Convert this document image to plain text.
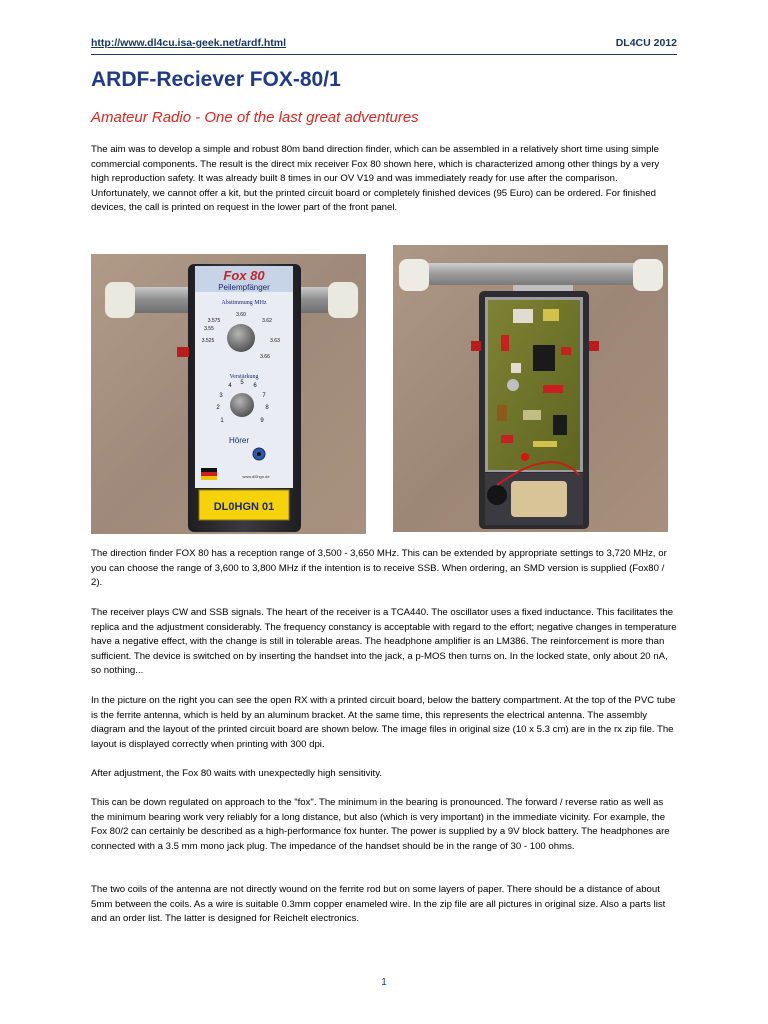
http://www.dl4cu.isa-geek.net/ardf.html	DL4CU 2012
ARDF-Reciever FOX-80/1

Amateur Radio - One of the last great adventures

The aim was to develop a simple and robust 80m band direction finder, which can be assembled in a relatively short time using simple commercial components. The result is the direct mix receiver Fox 80 shown here, which is characterized among other things by a very high reproduction safety. It was already built 8 times in our OV V19 and was immediately ready for use after the comparison. Unfortunately, we cannot offer a kit, but the printed circuit board or completely finished devices (95 Euro) can be ordered. For finished devices, the call is printed on request in the lower part of the front panel.

Fox 80
Peilempfänger
Abstimmung MHz
3.60
3.575	3.62
3.55
3.525	3.63
3.66
Verstärkung
4 5 6
3	7
2	8
1	9
Hörer
www.dl0hgn.de
DL0HGN 01

The direction finder FOX 80 has a reception range of 3,500 - 3,650 MHz. This can be extended by appropriate settings to 3,720 MHz, or you can choose the range of 3,600 to 3,800 MHz if the intention is to receive SSB. When ordering, an SMD version is supplied (Fox80 / 2).

The receiver plays CW and SSB signals. The heart of the receiver is a TCA440. The oscillator uses a fixed inductance. This facilitates the replica and the adjustment considerably. The frequency constancy is acceptable with regard to the effort; negative changes in temperature have a negative effect, with the change is still in tolerable areas. The headphone amplifier is an LM386. The reinforcement is more than sufficient. The device is switched on by inserting the handset into the jack, a p-MOS then turns on. In the locked state, only about 20 nA, so nothing...

In the picture on the right you can see the open RX with a printed circuit board, below the battery compartment. At the top of the PVC tube is the ferrite antenna, which is held by an aluminum bracket. At the same time, this represents the electrical antenna. The assembly diagram and the layout of the printed circuit board are shown below. The image files in original size (10 x 5.3 cm) are in the rx zip file. The layout is displayed correctly when printing with 300 dpi.

After adjustment, the Fox 80 waits with unexpectedly high sensitivity.

This can be down regulated on approach to the "fox". The minimum in the bearing is pronounced. The forward / reverse ratio as well as the minimum bearing work very reliably for a long distance, but also (which is very important) in the immediate vicinity. For example, the Fox 80/2 can certainly be described as a high-performance fox hunter. The power is supplied by a 9V block battery. The headphones are connected with a 3.5 mm mono jack plug. The impedance of the handset should be in the range of 30 - 100 ohms.

The two coils of the antenna are not directly wound on the ferrite rod but on some layers of paper. There should be a distance of about 5mm between the coils. As a wire is suitable 0.3mm copper enameled wire. In the zip file are all pictures in original size. Also a parts list and an order list. The latter is designed for Reichelt electronics.

1
